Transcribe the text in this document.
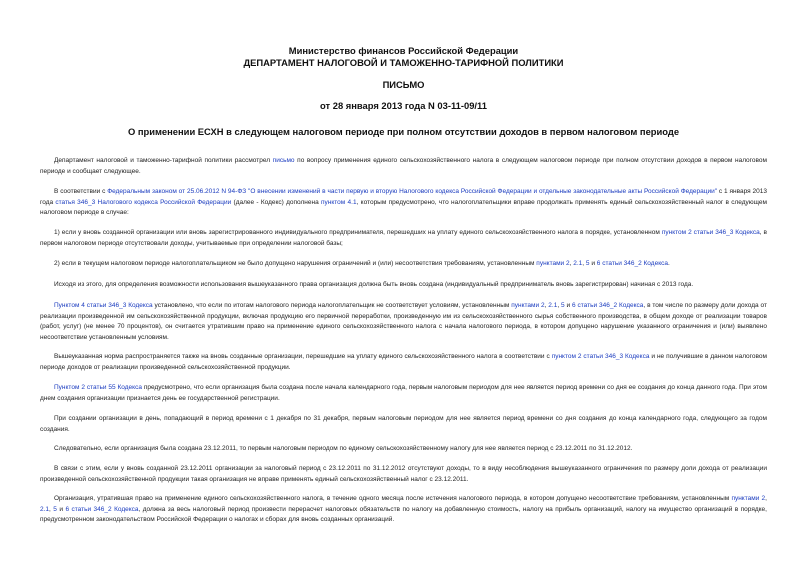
Министерство финансов Российской Федерации
ДЕПАРТАМЕНТ НАЛОГОВОЙ И ТАМОЖЕННО-ТАРИФНОЙ ПОЛИТИКИ
ПИСЬМО
от 28 января 2013 года N 03-11-09/11
О применении ЕСХН в следующем налоговом периоде при полном отсутствии доходов в первом налоговом периоде

Департамент налоговой и таможенно-тарифной политики рассмотрел письмо по вопросу применения единого сельскохозяйственного налога в следующем налоговом периоде при полном отсутствии доходов в первом налоговом периоде и сообщает следующее.

В соответствии с Федеральным законом от 25.06.2012 N 94-ФЗ "О внесении изменений в части первую и вторую Налогового кодекса Российской Федерации и отдельные законодательные акты Российской Федерации" с 1 января 2013 года статья 346_3 Налогового кодекса Российской Федерации (далее - Кодекс) дополнена пунктом 4.1, которым предусмотрено, что налогоплательщики вправе продолжать применять единый сельскохозяйственный налог в следующем налоговом периоде в случае:

1) если у вновь созданной организации или вновь зарегистрированного индивидуального предпринимателя, перешедших на уплату единого сельскохозяйственного налога в порядке, установленном пунктом 2 статьи 346_3 Кодекса, в первом налоговом периоде отсутствовали доходы, учитываемые при определении налоговой базы;

2) если в текущем налоговом периоде налогоплательщиком не было допущено нарушения ограничений и (или) несоответствия требованиям, установленным пунктами 2, 2.1, 5 и 6 статьи 346_2 Кодекса.

Исходя из этого, для определения возможности использования вышеуказанного права организация должна быть вновь создана (индивидуальный предприниматель вновь зарегистрирован) начиная с 2013 года.

Пунктом 4 статьи 346_3 Кодекса установлено, что если по итогам налогового периода налогоплательщик не соответствует условиям, установленным пунктами 2, 2.1, 5 и 6 статьи 346_2 Кодекса, в том числе по размеру доли дохода от реализации произведенной им сельскохозяйственной продукции, включая продукцию его первичной переработки, произведенную им из сельскохозяйственного сырья собственного производства, в общем доходе от реализации товаров (работ, услуг) (не менее 70 процентов), он считается утратившим право на применение единого сельскохозяйственного налога с начала налогового периода, в котором допущено нарушение указанного ограничения и (или) выявлено несоответствие установленным условиям.

Вышеуказанная норма распространяется также на вновь созданные организации, перешедшие на уплату единого сельскохозяйственного налога в соответствии с пунктом 2 статьи 346_3 Кодекса и не получившие в данном налоговом периоде доходов от реализации произведенной сельскохозяйственной продукции.

Пунктом 2 статьи 55 Кодекса предусмотрено, что если организация была создана после начала календарного года, первым налоговым периодом для нее является период времени со дня ее создания до конца данного года. При этом днем создания организации признается день ее государственной регистрации.

При создании организации в день, попадающий в период времени с 1 декабря по 31 декабря, первым налоговым периодом для нее является период времени со дня создания до конца календарного года, следующего за годом создания.

Следовательно, если организация была создана 23.12.2011, то первым налоговым периодом по единому сельскохозяйственному налогу для нее является период с 23.12.2011 по 31.12.2012.

В связи с этим, если у вновь созданной 23.12.2011 организации за налоговый период с 23.12.2011 по 31.12.2012 отсутствуют доходы, то в виду несоблюдения вышеуказанного ограничения по размеру доли дохода от реализации произведенной сельскохозяйственной продукции такая организация не вправе применять единый сельскохозяйственный налог с 23.12.2011.

Организация, утратившая право на применение единого сельскохозяйственного налога, в течение одного месяца после истечения налогового периода, в котором допущено несоответствие требованиям, установленным пунктами 2, 2.1, 5 и 6 статьи 346_2 Кодекса, должна за весь налоговый период произвести перерасчет налоговых обязательств по налогу на добавленную стоимость, налогу на прибыль организаций, налогу на имущество организаций в порядке, предусмотренном законодательством Российской Федерации о налогах и сборах для вновь созданных организаций.
